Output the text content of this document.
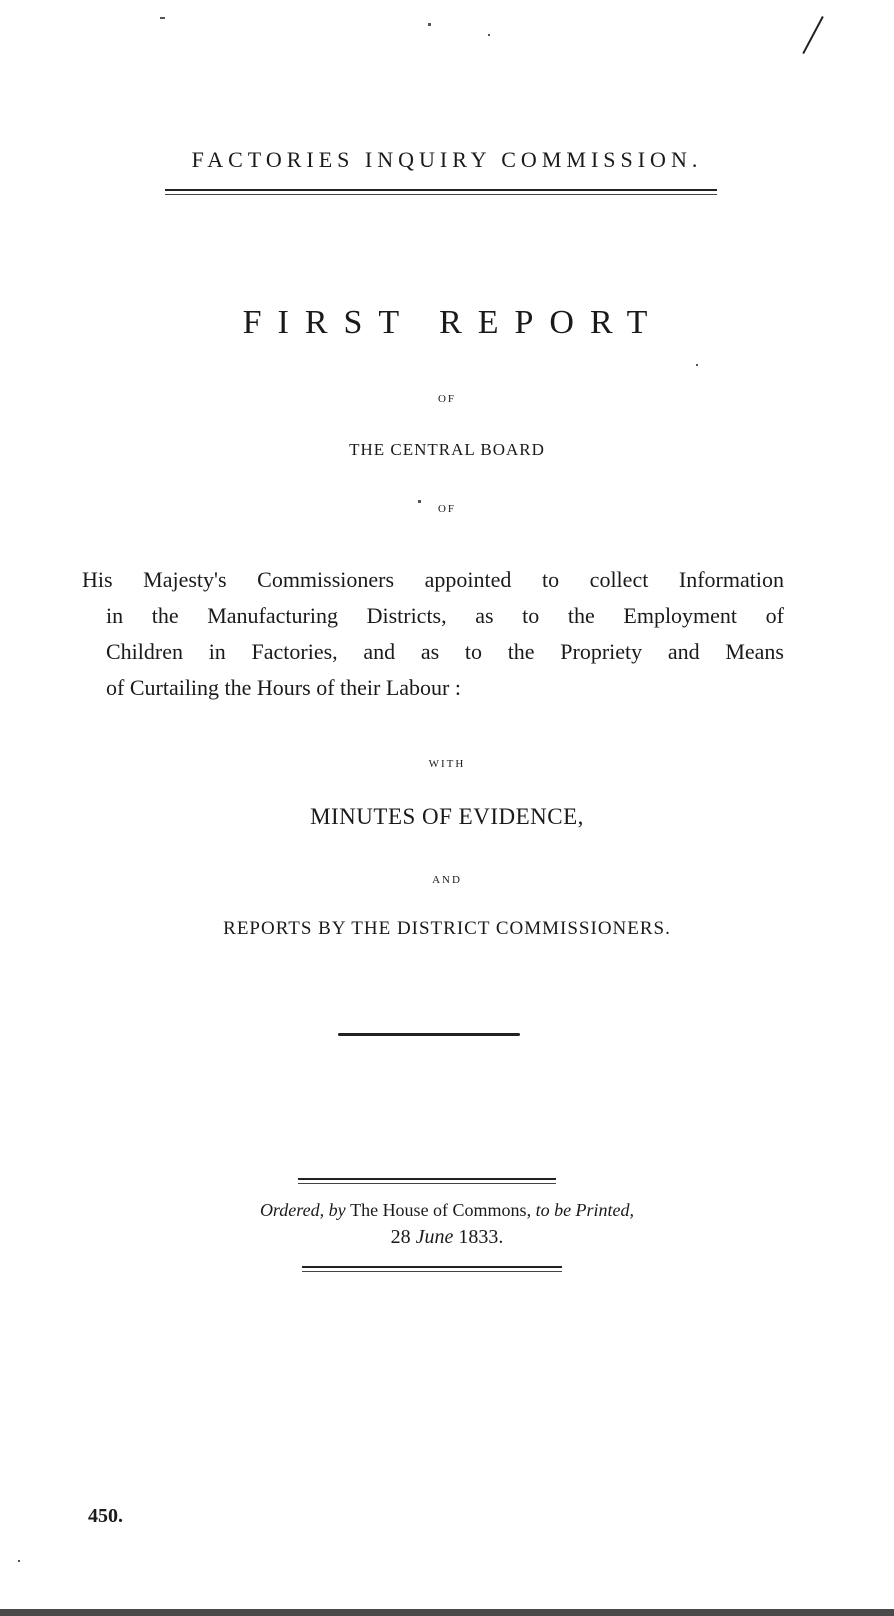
FACTORIES INQUIRY COMMISSION.
FIRST REPORT
OF
THE CENTRAL BOARD
OF
His Majesty's Commissioners appointed to collect Information
in the Manufacturing Districts, as to the Employment of
Children in Factories, and as to the Propriety and Means
of Curtailing the Hours of their Labour :
WITH
MINUTES OF EVIDENCE,
AND
REPORTS BY THE DISTRICT COMMISSIONERS.
Ordered, by The House of Commons, to be Printed,
28 June 1833.
450.
